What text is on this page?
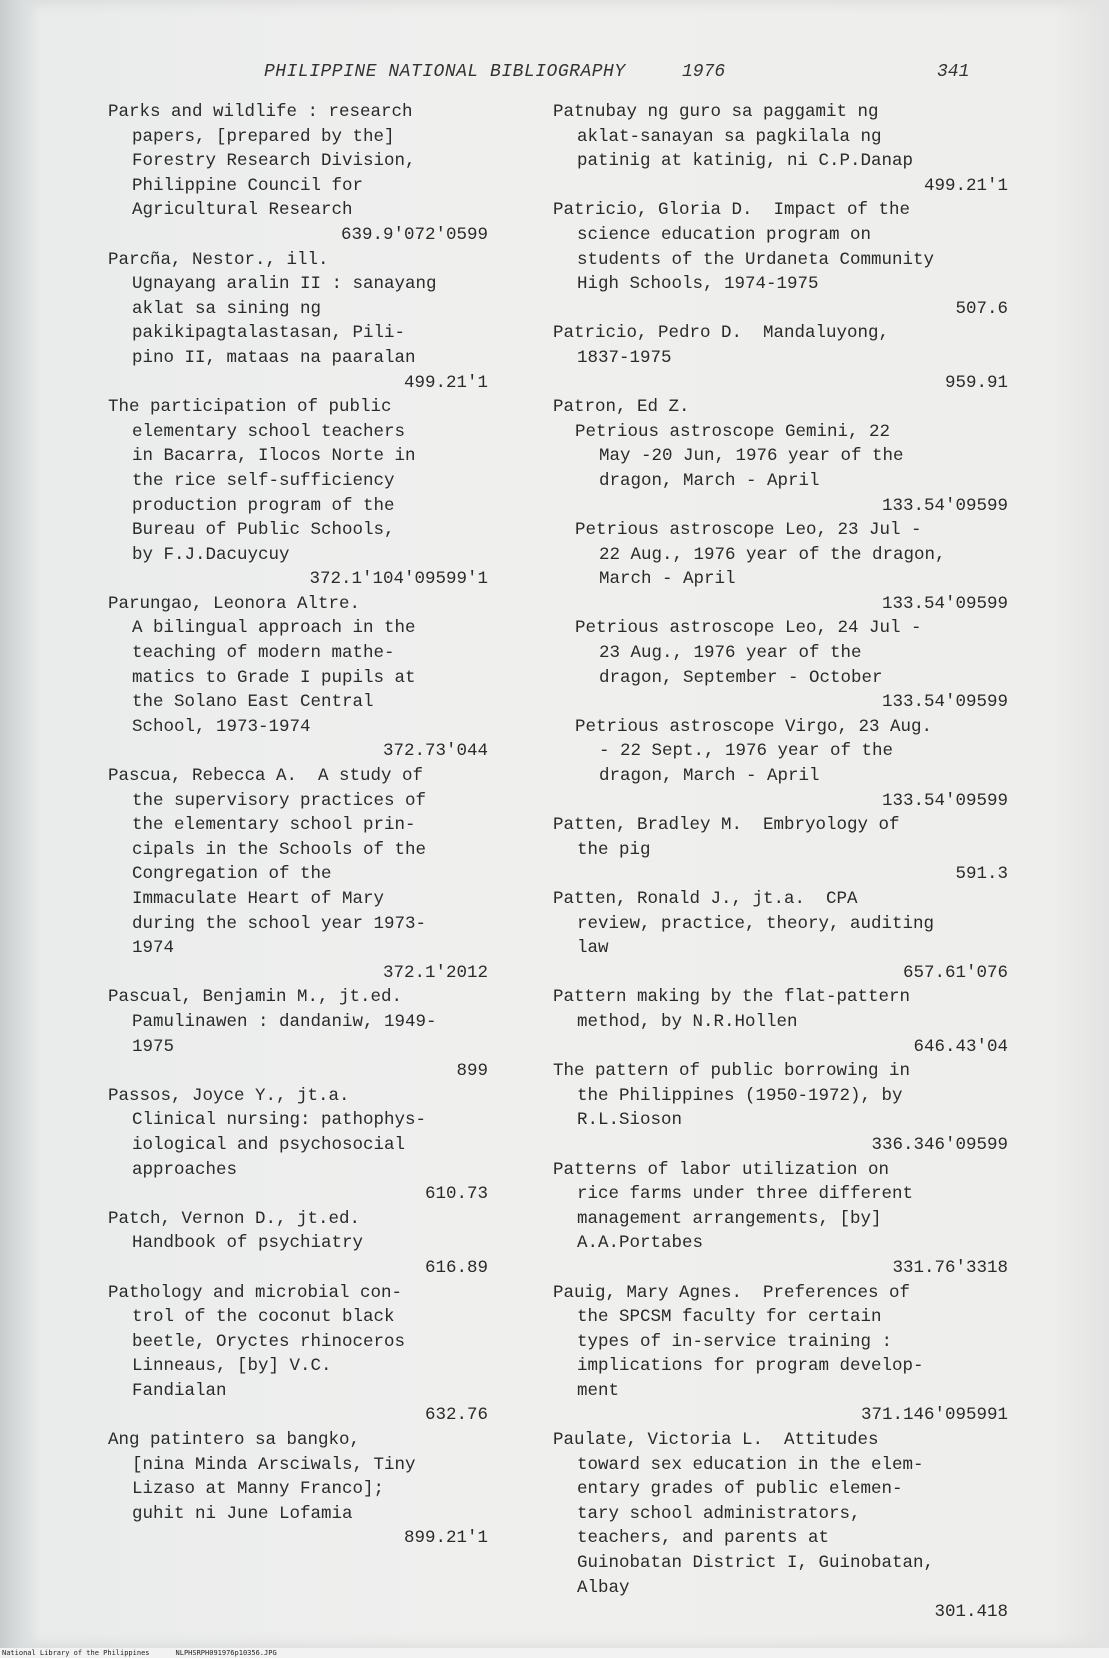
PHILIPPINE NATIONAL BIBLIOGRAPHY	1976	341
Parks and wildlife : research
papers, [prepared by the]
Forestry Research Division,
Philippine Council for
Agricultural Research
639.9'072'0599
Parcña, Nestor., ill.
Ugnayang aralin II : sanayang aklat sa sining ng
pakikipagtalastasan, Pili-
pino II, mataas na paaralan
499.21'1
The participation of public
elementary school teachers
in Bacarra, Ilocos Norte in
the rice self-sufficiency
production program of the
Bureau of Public Schools,
by F.J.Dacuycuy
372.1'104'09599'1
Parungao, Leonora Altre.
A bilingual approach in the
teaching of modern mathe-
matics to Grade I pupils at
the Solano East Central
School, 1973-1974
372.73'044
Pascua, Rebecca A.  A study of
the supervisory practices of
the elementary school prin-
cipals in the Schools of the
Congregation of the
Immaculate Heart of Mary
during the school year 1973-
1974
372.1'2012
Pascual, Benjamin M., jt.ed.
Pamulinawen : dandaniw, 1949-
1975
899
Passos, Joyce Y., jt.a.
Clinical nursing: pathophys-
iological and psychosocial
approaches
610.73
Patch, Vernon D., jt.ed.
Handbook of psychiatry
616.89
Pathology and microbial con-
trol of the coconut black
beetle, Oryctes rhinoceros
Linneaus, [by] V.C.
Fandialan
632.76
Ang patintero sa bangko,
[nina Minda Arsciwals, Tiny
Lizaso at Manny Franco];
guhit ni June Lofamia
899.21'1
Patnubay ng guro sa paggamit ng
aklat-sanayan sa pagkilala ng
patinig at katinig, ni C.P.Danap
499.21'1
Patricio, Gloria D.  Impact of the
science education program on
students of the Urdaneta Community
High Schools, 1974-1975
507.6
Patricio, Pedro D.  Mandaluyong,
1837-1975
959.91
Patron, Ed Z.
Petrious astroscope Gemini, 22
May -20 Jun, 1976 year of the
dragon, March - April
133.54'09599
Petrious astroscope Leo, 23 Jul -
22 Aug., 1976 year of the dragon,
March - April
133.54'09599
Petrious astroscope Leo, 24 Jul -
23 Aug., 1976 year of the
dragon, September - October
133.54'09599
Petrious astroscope Virgo, 23 Aug.
- 22 Sept., 1976 year of the
dragon, March - April
133.54'09599
Patten, Bradley M.  Embryology of
the pig
591.3
Patten, Ronald J., jt.a.  CPA
review, practice, theory, auditing
law
657.61'076
Pattern making by the flat-pattern
method, by N.R.Hollen
646.43'04
The pattern of public borrowing in
the Philippines (1950-1972), by
R.L.Sioson
336.346'09599
Patterns of labor utilization on
rice farms under three different
management arrangements, [by]
A.A.Portabes
331.76'3318
Pauig, Mary Agnes.  Preferences of
the SPCSM faculty for certain
types of in-service training :
implications for program develop-
ment
371.146'095991
Paulate, Victoria L.  Attitudes
toward sex education in the elem-
entary grades of public elemen-
tary school administrators,
teachers, and parents at
Guinobatan District I, Guinobatan,
Albay
301.418
National Library of the Philippines	NLPHSRPH091976p10356.JPG
